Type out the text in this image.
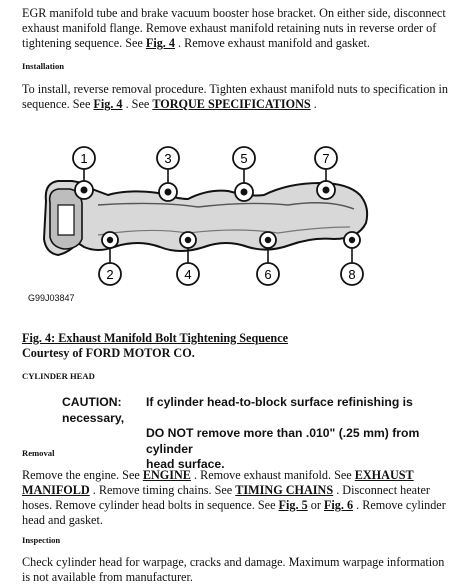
EGR manifold tube and brake vacuum booster hose bracket. On either side, disconnect exhaust manifold flange. Remove exhaust manifold retaining nuts in reverse order of tightening sequence. See Fig. 4 . Remove exhaust manifold and gasket.

Installation

To install, reverse removal procedure. Tighten exhaust manifold nuts to specification in sequence. See Fig. 4 . See TORQUE SPECIFICATIONS .

1	3	5	7
2	4	6	8
G99J03847
Fig. 4: Exhaust Manifold Bolt Tightening Sequence
Courtesy of FORD MOTOR CO.

CYLINDER HEAD

CAUTION: If cylinder head-to-block surface refinishing is necessary,
DO NOT remove more than .010" (.25 mm) from cylinder
head surface.

Removal

Remove the engine. See ENGINE . Remove exhaust manifold. See EXHAUST MANIFOLD . Remove timing chains. See TIMING CHAINS . Disconnect heater hoses. Remove cylinder head bolts in sequence. See Fig. 5 or Fig. 6 . Remove cylinder head and gasket.

Inspection

Check cylinder head for warpage, cracks and damage. Maximum warpage information is not available from manufacturer.
